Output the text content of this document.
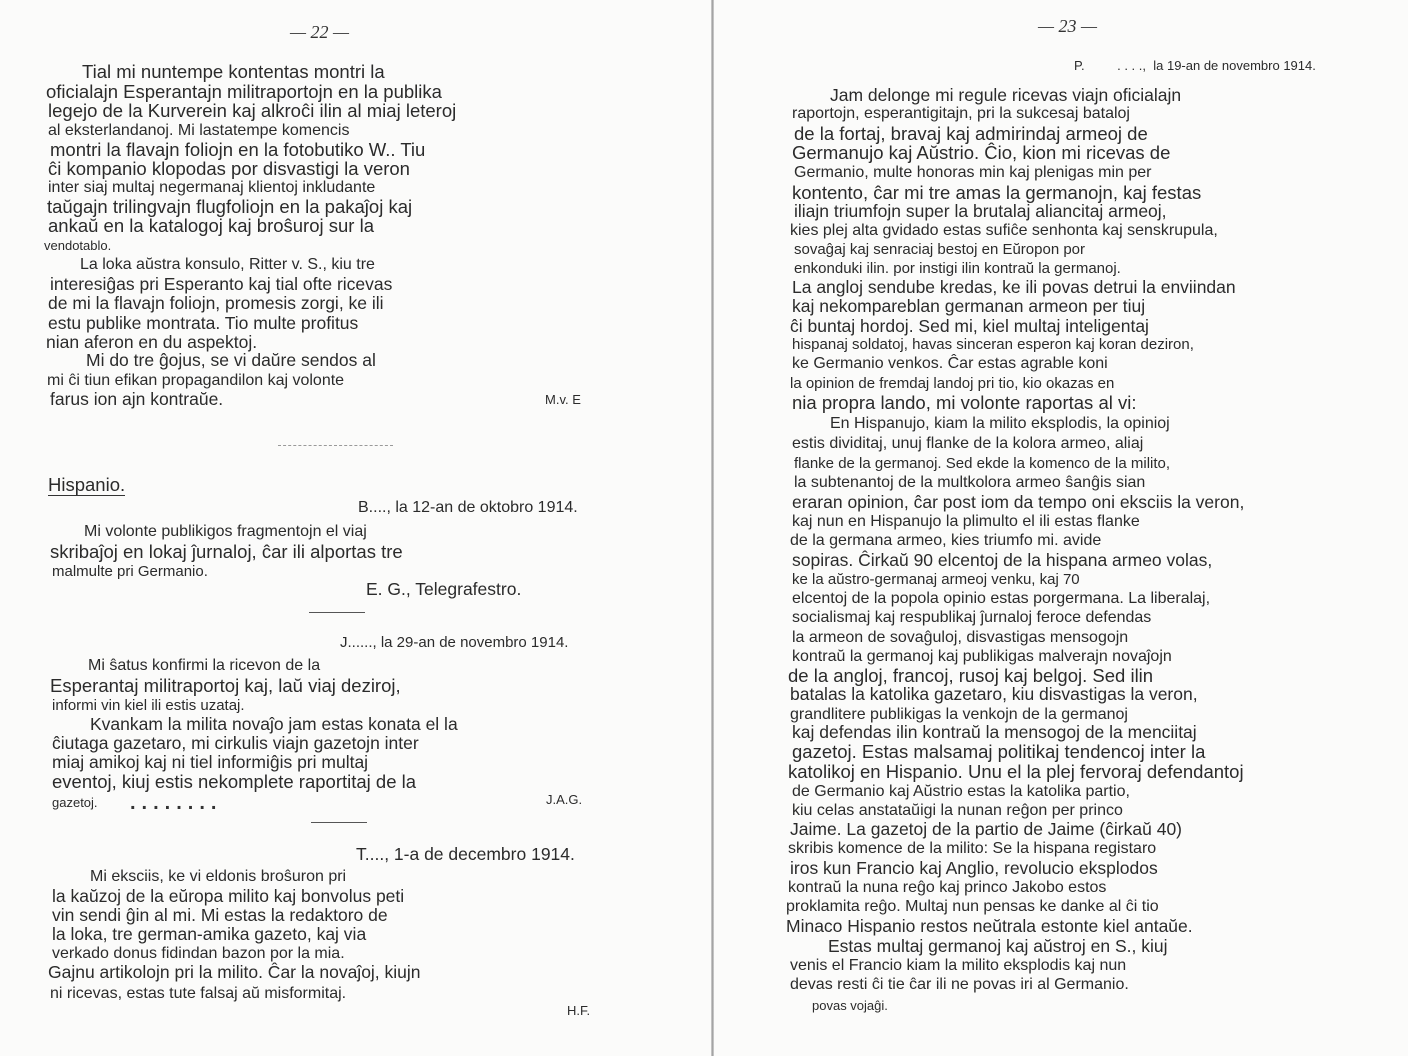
— 22 —
Tial mi nuntempe kontentas montri la
oficialajn Esperantajn militraportojn en la publika
legejo de la Kurverein kaj alkroĉi ilin al miaj leteroj
al eksterlandanoj. Mi lastatempe komencis
montri la flavajn foliojn en la fotobutiko W.. Tiu
ĉi kompanio klopodas por disvastigi la veron
inter siaj multaj negermanaj klientoj inkludante
taŭgajn trilingvajn flugfoliojn en la pakaĵoj kaj
ankaŭ en la katalogoj kaj broŝuroj sur la
vendotablo.
La loka aŭstra konsulo, Ritter v. S., kiu tre
interesiĝas pri Esperanto kaj tial ofte ricevas
de mi la flavajn foliojn, promesis zorgi, ke ili
estu publike montrata. Tio multe profitus
nian aferon en du aspektoj.
Mi do tre ĝojus, se vi daŭre sendos al
mi ĉi tiun efikan propagandilon kaj volonte
farus ion ajn kontraŭe.	M.v. E
Hispanio.
B...., la 12-an de oktobro 1914.
Mi volonte publikigos fragmentojn el viaj
skribaĵoj en lokaj ĵurnaloj, ĉar ili alportas tre
malmulte pri Germanio.
E. G., Telegrafestro.
J......, la 29-an de novembro 1914.
Mi ŝatus konfirmi la ricevon de la
Esperantaj militraportoj kaj, laŭ viaj deziroj,
informi vin kiel ili estis uzataj.
Kvankam la milita novaĵo jam estas konata el la
ĉiutaga gazetaro, mi cirkulis viajn gazetojn inter
miaj amikoj kaj ni tiel informiĝis pri multaj
eventoj, kiuj estis nekomplete raportitaj de la
gazetoj. ........	J.A.G.
T...., 1-a de decembro 1914.
Mi eksciis, ke vi eldonis broŝuron pri
la kaŭzoj de la eŭropa milito kaj bonvolus peti
vin sendi ĝin al mi. Mi estas la redaktoro de
la loka, tre german-amika gazeto, kaj via
verkado donus fidindan bazon por la mia.
Gajnu artikolojn pri la milito. Ĉar la novaĵoj, kiujn
ni ricevas, estas tute falsaj aŭ misformitaj.
H.F.
— 23 —
P.         . . . .,  la 19-an de novembro 1914.
Jam delonge mi regule ricevas viajn oficialajn
raportojn, esperantigitajn, pri la sukcesaj bataloj
de la fortaj, bravaj kaj admirindaj armeoj de
Germanujo kaj Aŭstrio. Ĉio, kion mi ricevas de
Germanio, multe honoras min kaj plenigas min per
kontento, ĉar mi tre amas la germanojn, kaj festas
iliajn triumfojn super la brutalaj aliancitaj armeoj,
kies plej alta gvidado estas sufiĉe senhonta kaj senskrupula,
sovaĝaj kaj senraciaj bestoj en Eŭropon por
enkonduki ilin. por instigi ilin kontraŭ la germanoj.
La angloj sendube kredas, ke ili povas detrui la enviindan
kaj nekompareblan germanan armeon per tiuj
ĉi buntaj hordoj. Sed mi, kiel multaj inteligentaj
hispanaj soldatoj, havas sinceran esperon kaj koran deziron,
ke Germanio venkos. Ĉar estas agrable koni
la opinion de fremdaj landoj pri tio, kio okazas en
nia propra lando, mi volonte raportas al vi:
En Hispanujo, kiam la milito eksplodis, la opinioj
estis dividitaj, unuj flanke de la kolora armeo, aliaj
flanke de la germanoj. Sed ekde la komenco de la milito,
la subtenantoj de la multkolora armeo ŝanĝis sian
eraran opinion, ĉar post iom da tempo oni eksciis la veron,
kaj nun en Hispanujo la plimulto el ili estas flanke
de la germana armeo, kies triumfo mi. avide
sopiras. Ĉirkaŭ 90 elcentoj de la hispana armeo volas,
ke la aŭstro-germanaj armeoj venku, kaj 70
elcentoj de la popola opinio estas porgermana. La liberalaj,
socialismaj kaj respublikaj ĵurnaloj feroce defendas
la armeon de sovaĝuloj, disvastigas mensogojn
kontraŭ la germanoj kaj publikigas malverajn novaĵojn
de la angloj, francoj, rusoj kaj belgoj. Sed ilin
batalas la katolika gazetaro, kiu disvastigas la veron,
grandlitere publikigas la venkojn de la germanoj
kaj defendas ilin kontraŭ la mensogoj de la menciitaj
gazetoj. Estas malsamaj politikaj tendencoj inter la
katolikoj en Hispanio. Unu el la plej fervoraj defendantoj
de Germanio kaj Aŭstrio estas la katolika partio,
kiu celas anstataŭigi la nunan reĝon per princo
Jaime. La gazetoj de la partio de Jaime (ĉirkaŭ 40)
skribis komence de la milito: Se la hispana registaro
iros kun Francio kaj Anglio, revolucio eksplodos
kontraŭ la nuna reĝo kaj princo Jakobo estos
proklamita reĝo. Multaj nun pensas ke danke al ĉi tio
Minaco Hispanio restos neŭtrala estonte kiel antaŭe.
Estas multaj germanoj kaj aŭstroj en S., kiuj
venis el Francio kiam la milito eksplodis kaj nun
devas resti ĉi tie ĉar ili ne povas iri al Germanio.
povas vojaĝi.
